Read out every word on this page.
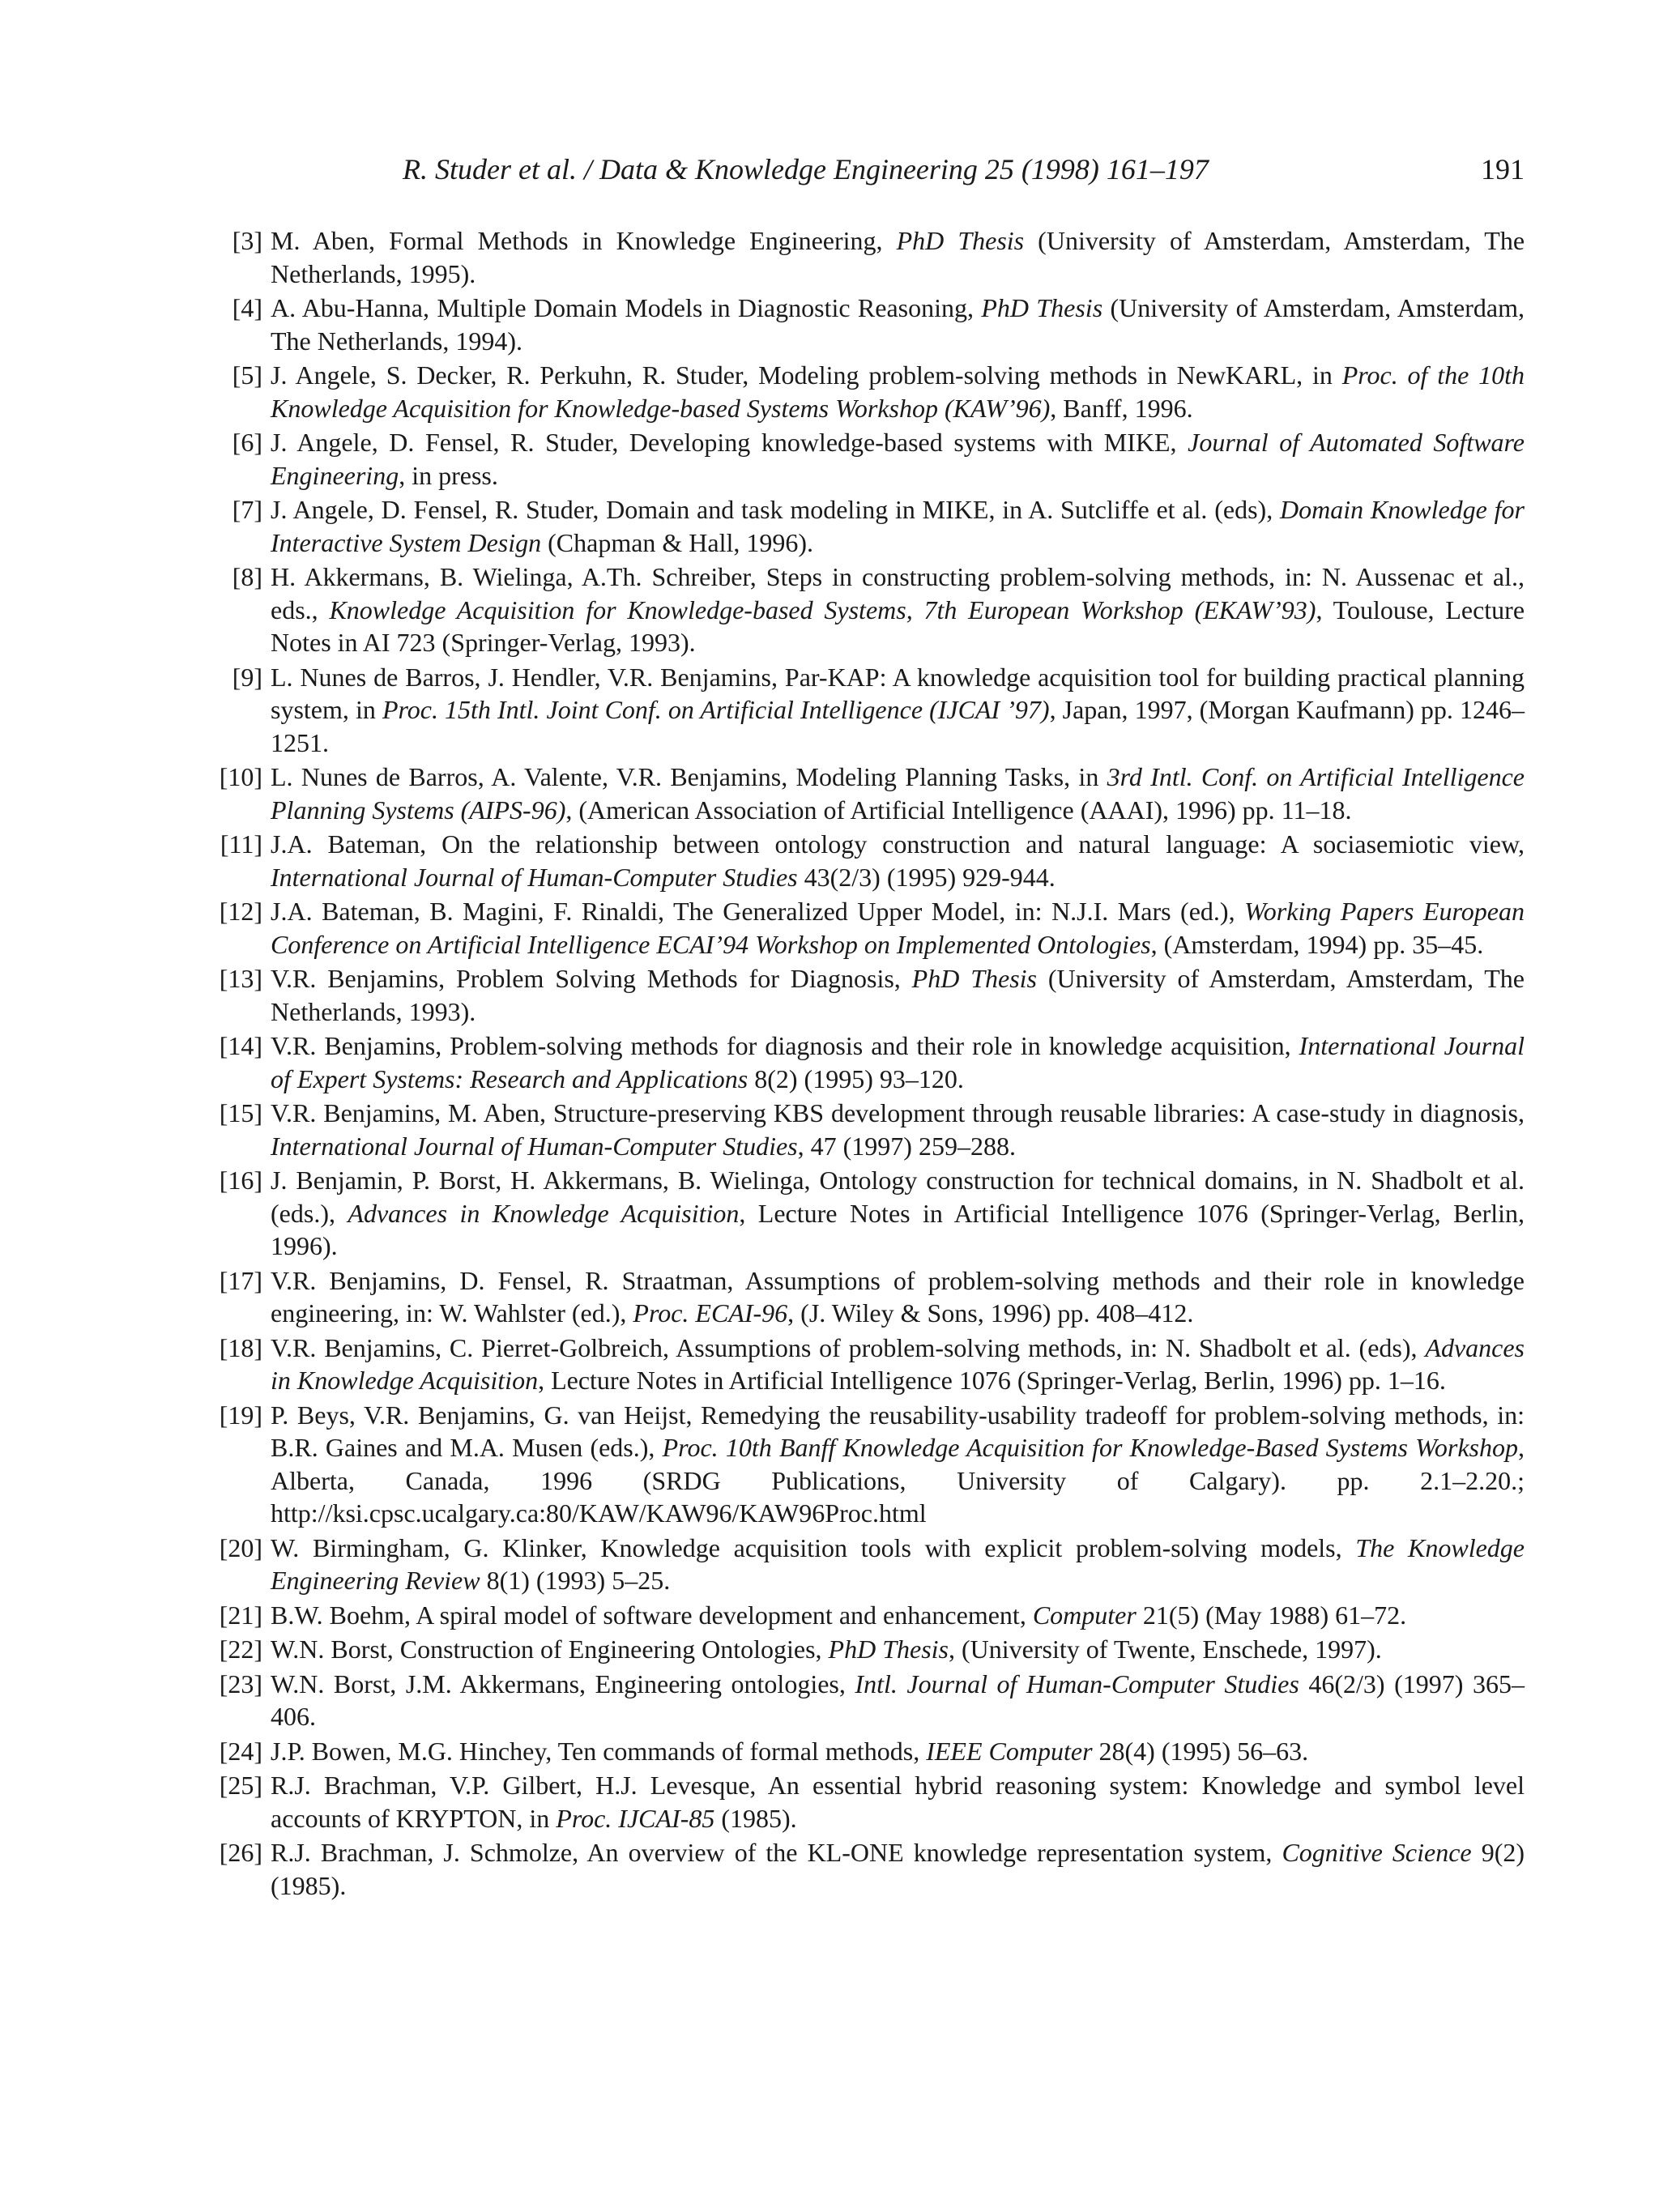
R. Studer et al. / Data & Knowledge Engineering 25 (1998) 161–197	191
[3] M. Aben, Formal Methods in Knowledge Engineering, PhD Thesis (University of Amsterdam, Amsterdam, The Netherlands, 1995).
[4] A. Abu-Hanna, Multiple Domain Models in Diagnostic Reasoning, PhD Thesis (University of Amsterdam, Amsterdam, The Netherlands, 1994).
[5] J. Angele, S. Decker, R. Perkuhn, R. Studer, Modeling problem-solving methods in NewKARL, in Proc. of the 10th Knowledge Acquisition for Knowledge-based Systems Workshop (KAW’96), Banff, 1996.
[6] J. Angele, D. Fensel, R. Studer, Developing knowledge-based systems with MIKE, Journal of Automated Software Engineering, in press.
[7] J. Angele, D. Fensel, R. Studer, Domain and task modeling in MIKE, in A. Sutcliffe et al. (eds), Domain Knowledge for Interactive System Design (Chapman & Hall, 1996).
[8] H. Akkermans, B. Wielinga, A.Th. Schreiber, Steps in constructing problem-solving methods, in: N. Aussenac et al., eds., Knowledge Acquisition for Knowledge-based Systems, 7th European Workshop (EKAW’93), Toulouse, Lecture Notes in AI 723 (Springer-Verlag, 1993).
[9] L. Nunes de Barros, J. Hendler, V.R. Benjamins, Par-KAP: A knowledge acquisition tool for building practical planning system, in Proc. 15th Intl. Joint Conf. on Artificial Intelligence (IJCAI ’97), Japan, 1997, (Morgan Kaufmann) pp. 1246–1251.
[10] L. Nunes de Barros, A. Valente, V.R. Benjamins, Modeling Planning Tasks, in 3rd Intl. Conf. on Artificial Intelligence Planning Systems (AIPS-96), (American Association of Artificial Intelligence (AAAI), 1996) pp. 11–18.
[11] J.A. Bateman, On the relationship between ontology construction and natural language: A sociasemiotic view, International Journal of Human-Computer Studies 43(2/3) (1995) 929-944.
[12] J.A. Bateman, B. Magini, F. Rinaldi, The Generalized Upper Model, in: N.J.I. Mars (ed.), Working Papers European Conference on Artificial Intelligence ECAI’94 Workshop on Implemented Ontologies, (Amsterdam, 1994) pp. 35–45.
[13] V.R. Benjamins, Problem Solving Methods for Diagnosis, PhD Thesis (University of Amsterdam, Amsterdam, The Netherlands, 1993).
[14] V.R. Benjamins, Problem-solving methods for diagnosis and their role in knowledge acquisition, International Journal of Expert Systems: Research and Applications 8(2) (1995) 93–120.
[15] V.R. Benjamins, M. Aben, Structure-preserving KBS development through reusable libraries: A case-study in diagnosis, International Journal of Human-Computer Studies, 47 (1997) 259–288.
[16] J. Benjamin, P. Borst, H. Akkermans, B. Wielinga, Ontology construction for technical domains, in N. Shadbolt et al. (eds.), Advances in Knowledge Acquisition, Lecture Notes in Artificial Intelligence 1076 (Springer-Verlag, Berlin, 1996).
[17] V.R. Benjamins, D. Fensel, R. Straatman, Assumptions of problem-solving methods and their role in knowledge engineering, in: W. Wahlster (ed.), Proc. ECAI-96, (J. Wiley & Sons, 1996) pp. 408–412.
[18] V.R. Benjamins, C. Pierret-Golbreich, Assumptions of problem-solving methods, in: N. Shadbolt et al. (eds), Advances in Knowledge Acquisition, Lecture Notes in Artificial Intelligence 1076 (Springer-Verlag, Berlin, 1996) pp. 1–16.
[19] P. Beys, V.R. Benjamins, G. van Heijst, Remedying the reusability-usability tradeoff for problem-solving methods, in: B.R. Gaines and M.A. Musen (eds.), Proc. 10th Banff Knowledge Acquisition for Knowledge-Based Systems Workshop, Alberta, Canada, 1996 (SRDG Publications, University of Calgary). pp. 2.1–2.20.; http://ksi.cpsc.ucalgary.ca:80/KAW/KAW96/KAW96Proc.html
[20] W. Birmingham, G. Klinker, Knowledge acquisition tools with explicit problem-solving models, The Knowledge Engineering Review 8(1) (1993) 5–25.
[21] B.W. Boehm, A spiral model of software development and enhancement, Computer 21(5) (May 1988) 61–72.
[22] W.N. Borst, Construction of Engineering Ontologies, PhD Thesis, (University of Twente, Enschede, 1997).
[23] W.N. Borst, J.M. Akkermans, Engineering ontologies, Intl. Journal of Human-Computer Studies 46(2/3) (1997) 365–406.
[24] J.P. Bowen, M.G. Hinchey, Ten commands of formal methods, IEEE Computer 28(4) (1995) 56–63.
[25] R.J. Brachman, V.P. Gilbert, H.J. Levesque, An essential hybrid reasoning system: Knowledge and symbol level accounts of KRYPTON, in Proc. IJCAI-85 (1985).
[26] R.J. Brachman, J. Schmolze, An overview of the KL-ONE knowledge representation system, Cognitive Science 9(2) (1985).
